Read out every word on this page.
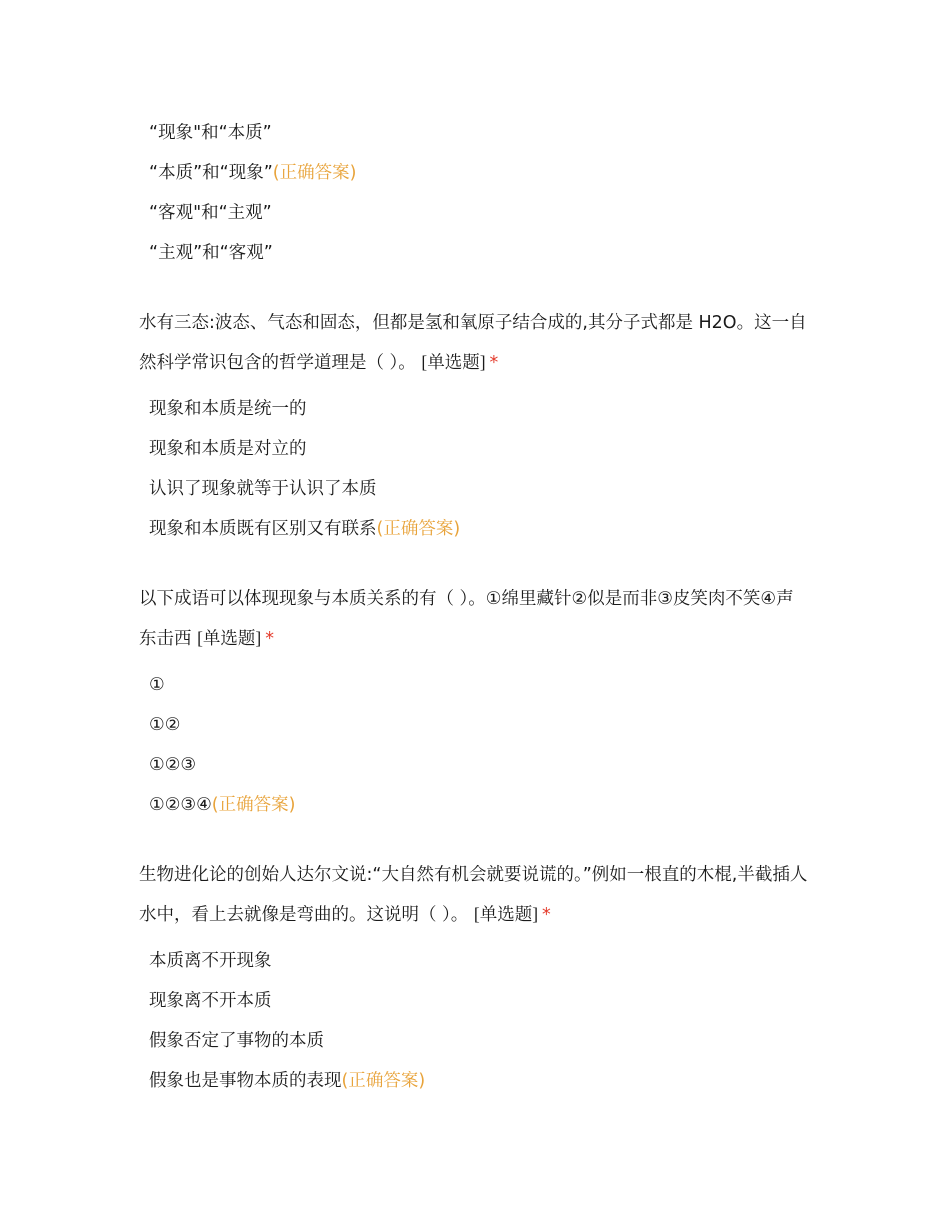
“现象"和“本质”
“本质”和“现象”(正确答案)
“客观"和“主观”
“主观”和“客观”
水有三态:波态、气态和固态，但都是氢和氧原子结合成的,其分子式都是 H2O。这一自然科学常识包含的哲学道理是（ ）。 [单选题] *
现象和本质是统一的
现象和本质是对立的
认识了现象就等于认识了本质
现象和本质既有区别又有联系(正确答案)
以下成语可以体现现象与本质关系的有（ ）。①绵里藏针②似是而非③皮笑肉不笑④声东击西 [单选题] *
①
①②
①②③
①②③④(正确答案)
生物进化论的创始人达尔文说:“大自然有机会就要说谎的。”例如一根直的木棍,半截插人水中，看上去就像是弯曲的。这说明（ ）。 [单选题] *
本质离不开现象
现象离不开本质
假象否定了事物的本质
假象也是事物本质的表现(正确答案)
